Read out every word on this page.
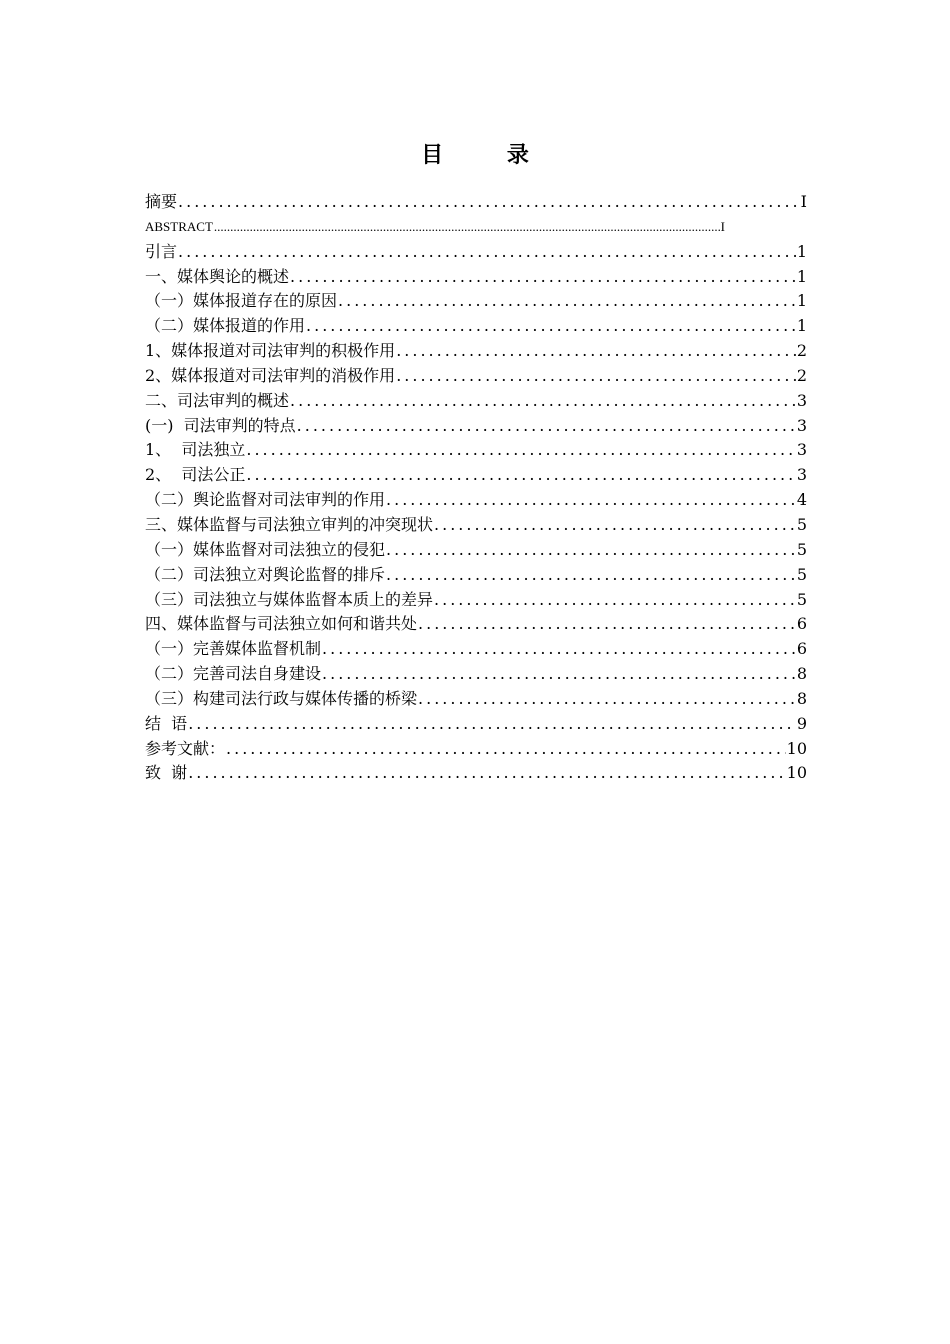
目 录
摘要 .....	I
ABSTRACT .....	I
引言 .....	1
一、媒体舆论的概述 .....	1
（一）媒体报道存在的原因 .....	1
（二）媒体报道的作用 .....	1
1、媒体报道对司法审判的积极作用 .....	2
2、媒体报道对司法审判的消极作用 .....	2
二、司法审判的概述 .....	3
(一)  司法审判的特点 .....	3
1、  司法独立 .....	3
2、  司法公正 .....	3
（二）舆论监督对司法审判的作用 .....	4
三、媒体监督与司法独立审判的冲突现状 .....	5
（一）媒体监督对司法独立的侵犯 .....	5
（二）司法独立对舆论监督的排斥 .....	5
（三）司法独立与媒体监督本质上的差异 .....	5
四、媒体监督与司法独立如何和谐共处 .....	6
（一）完善媒体监督机制 .....	6
（二）完善司法自身建设 .....	8
（三）构建司法行政与媒体传播的桥梁 .....	8
结  语 .....	9
参考文献： .....	10
致  谢 .....	10
